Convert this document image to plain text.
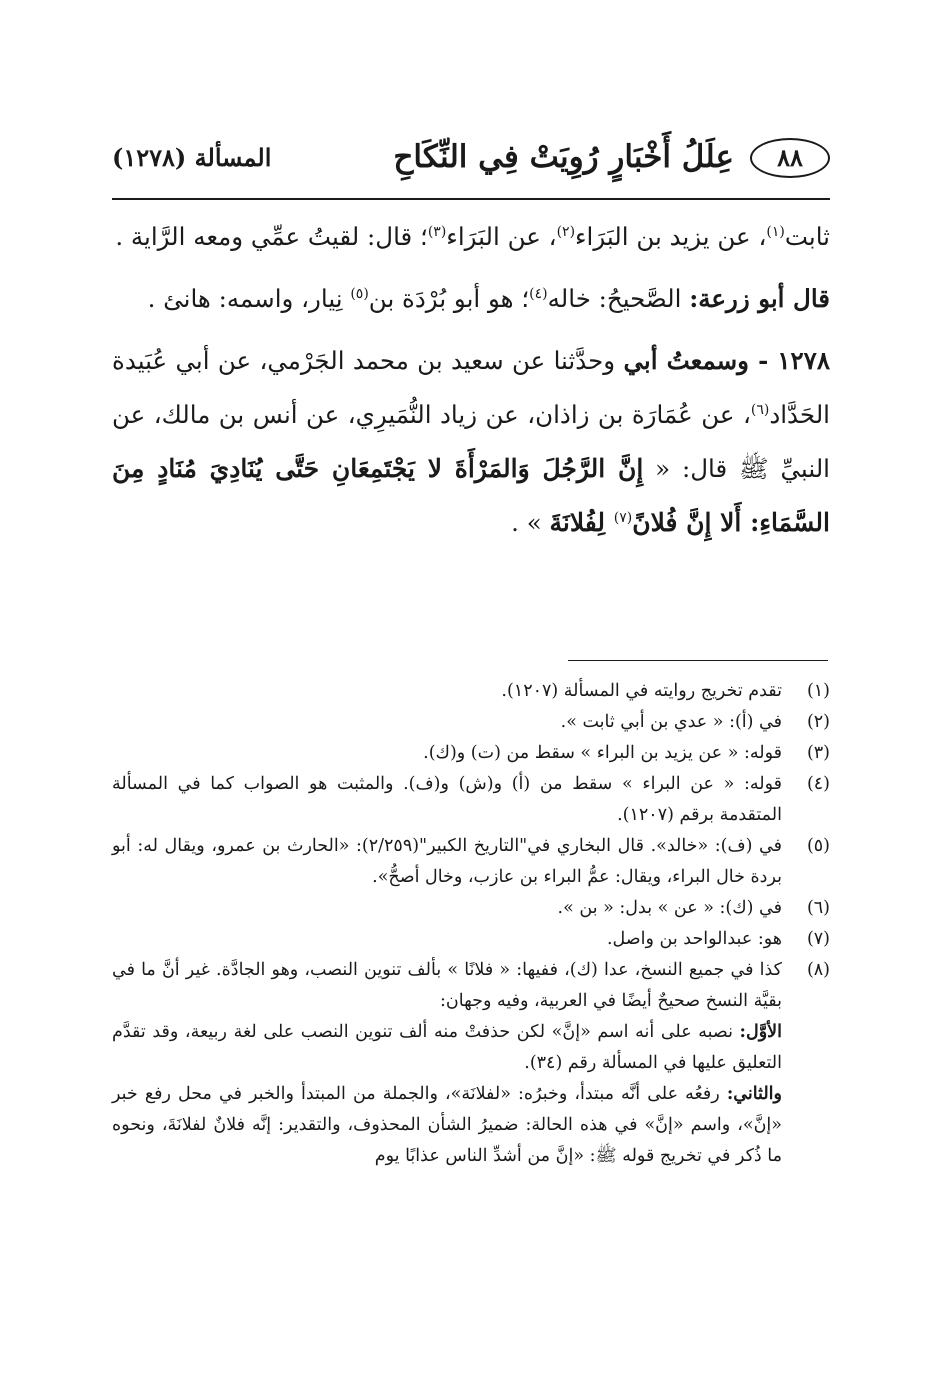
٨٨
عِلَلُ أَخْبَارٍ رُوِيَتْ فِي النِّكَاحِ
المسألة (١٢٧٨)

ثابت$^{(١)}$، عن يزيد بن البَرَاء$^{(٢)}$، عن البَرَاء$^{(٣)}$؛ قال: لقيتُ عمِّي ومعه الرَّاية .

قال أبو زرعة: الصَّحيحُ: خاله$^{(٤)}$؛ هو أبو بُرْدَة بن$^{(٥)}$ نِيار، واسمه: هانئ .

١٢٧٨ - وسمعتُ أبي وحدَّثنا عن سعيد بن محمد الجَرْمي، عن أبي عُبَيدة الحَدَّاد$^{(٦)}$، عن عُمَارَة بن زاذان، عن زياد النُّمَيرِي، عن أنس بن مالك، عن النبيِّ ﷺ قال: « إِنَّ الرَّجُلَ وَالمَرْأَةَ لا يَجْتَمِعَانِ حَتَّى يُنَادِيَ مُنَادٍ مِنَ السَّمَاءِ: أَلا إِنَّ فُلانً$^{(٧)}$ لِفُلانَةَ » .

(١)
تقدم تخريج روايته في المسألة (١٢٠٧).

(٢)
في (أ): « عدي بن أبي ثابت ».

(٣)
قوله: « عن يزيد بن البراء » سقط من (ت) و(ك).

(٤)
قوله: « عن البراء » سقط من (أ) و(ش) و(ف). والمثبت هو الصواب كما في المسألة المتقدمة برقم (١٢٠٧).

(٥)
في (ف): «خالد». قال البخاري في"التاريخ الكبير"(٢/٢٥٩): «الحارث بن عمرو، ويقال له: أبو بردة خال البراء، ويقال: عمُّ البراء بن عازب، وخال أصحُّ».

(٦)
في (ك): « عن » بدل: « بن ».

(٧)
هو: عبدالواحد بن واصل.

(٨)
كذا في جميع النسخ، عدا (ك)، ففيها: « فلانًا » بألف تنوين النصب، وهو الجادَّة. غير أنَّ ما في بقيَّة النسخ صحيحٌ أيضًا في العربية، وفيه وجهان:

الأوَّل: نصبه على أنه اسم «إنَّ» لكن حذفتْ منه ألف تنوين النصب على لغة ربيعة، وقد تقدَّم التعليق عليها في المسألة رقم (٣٤).

والثاني: رفعُه على أنَّه مبتدأ، وخبرُه: «لفلانَة»، والجملة من المبتدأ والخبر في محل رفع خبر «إنَّ»، واسم «إنَّ» في هذه الحالة: ضميرُ الشأن المحذوف، والتقدير: إنَّه فلانٌ لفلانَةَ، ونحوه ما ذُكر في تخريج قوله ﷺ: «إنَّ من أشدِّ الناس عذابًا يوم
